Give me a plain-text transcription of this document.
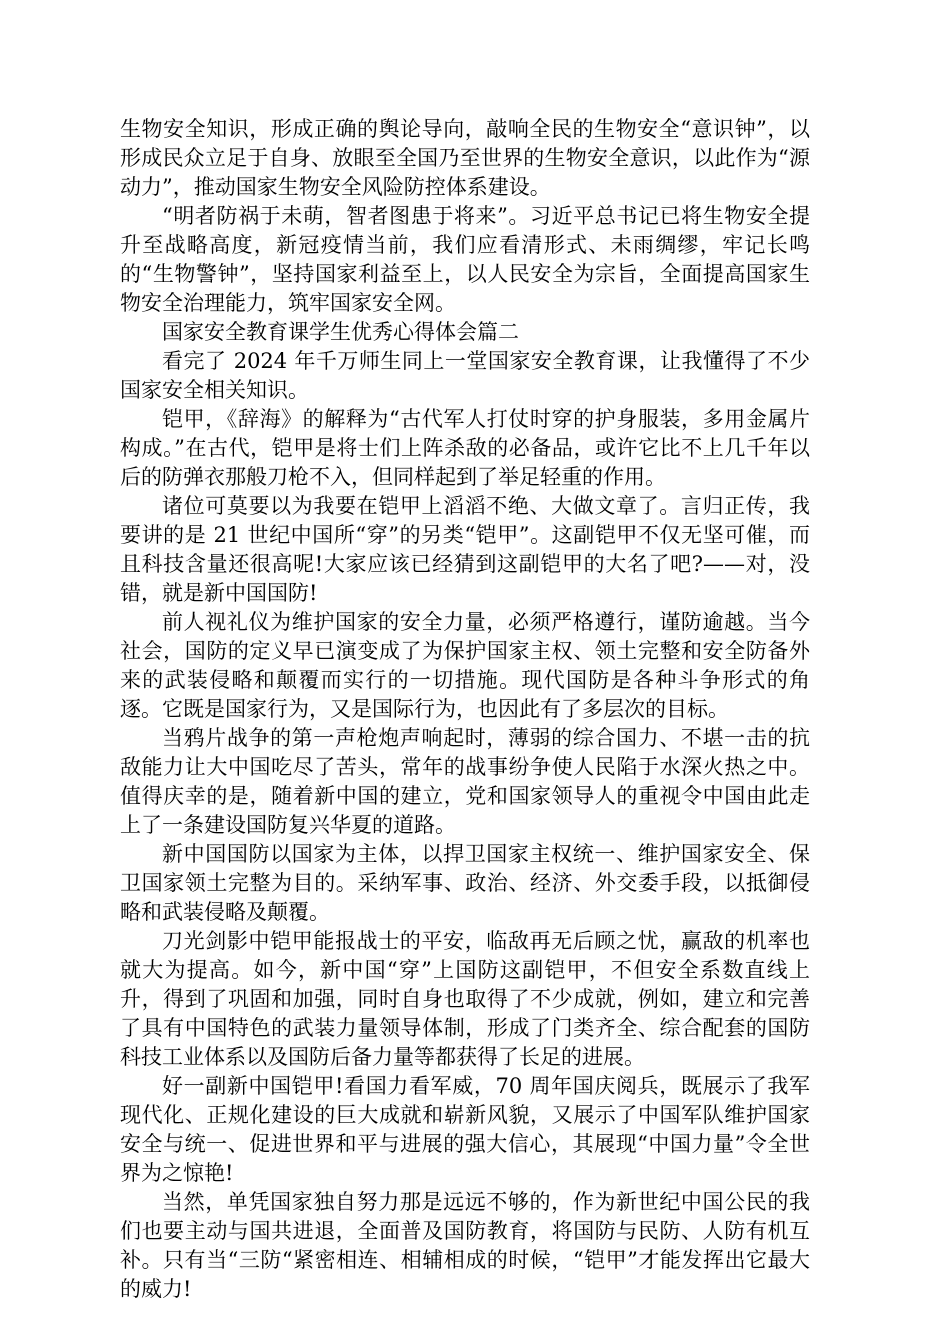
生物安全知识，形成正确的舆论导向，敲响全民的生物安全“意识钟”，以形成民众立足于自身、放眼至全国乃至世界的生物安全意识，以此作为“源动力”，推动国家生物安全风险防控体系建设。

“明者防祸于未萌，智者图患于将来”。习近平总书记已将生物安全提升至战略高度，新冠疫情当前，我们应看清形式、未雨绸缪，牢记长鸣的“生物警钟”，坚持国家利益至上，以人民安全为宗旨，全面提高国家生物安全治理能力，筑牢国家安全网。

国家安全教育课学生优秀心得体会篇二

看完了 2024 年千万师生同上一堂国家安全教育课，让我懂得了不少国家安全相关知识。

铠甲，《辞海》的解释为“古代军人打仗时穿的护身服装，多用金属片构成。”在古代，铠甲是将士们上阵杀敌的必备品，或许它比不上几千年以后的防弹衣那般刀枪不入，但同样起到了举足轻重的作用。

诸位可莫要以为我要在铠甲上滔滔不绝、大做文章了。言归正传，我要讲的是 21 世纪中国所“穿”的另类“铠甲”。这副铠甲不仅无坚可催，而且科技含量还很高呢!大家应该已经猜到这副铠甲的大名了吧?——对，没错，就是新中国国防!

前人视礼仪为维护国家的安全力量，必须严格遵行，谨防逾越。当今社会，国防的定义早已演变成了为保护国家主权、领土完整和安全防备外来的武装侵略和颠覆而实行的一切措施。现代国防是各种斗争形式的角逐。它既是国家行为，又是国际行为，也因此有了多层次的目标。

当鸦片战争的第一声枪炮声响起时，薄弱的综合国力、不堪一击的抗敌能力让大中国吃尽了苦头，常年的战事纷争使人民陷于水深火热之中。值得庆幸的是，随着新中国的建立，党和国家领导人的重视令中国由此走上了一条建设国防复兴华夏的道路。

新中国国防以国家为主体，以捍卫国家主权统一、维护国家安全、保卫国家领土完整为目的。采纳军事、政治、经济、外交委手段，以抵御侵略和武装侵略及颠覆。

刀光剑影中铠甲能报战士的平安，临敌再无后顾之忧，赢敌的机率也就大为提高。如今，新中国“穿”上国防这副铠甲，不但安全系数直线上升，得到了巩固和加强，同时自身也取得了不少成就，例如，建立和完善了具有中国特色的武装力量领导体制，形成了门类齐全、综合配套的国防科技工业体系以及国防后备力量等都获得了长足的进展。

好一副新中国铠甲!看国力看军威，70 周年国庆阅兵，既展示了我军现代化、正规化建设的巨大成就和崭新风貌，又展示了中国军队维护国家安全与统一、促进世界和平与进展的强大信心，其展现“中国力量”令全世界为之惊艳!

当然，单凭国家独自努力那是远远不够的，作为新世纪中国公民的我们也要主动与国共进退，全面普及国防教育，将国防与民防、人防有机互补。只有当“三防“紧密相连、相辅相成的时候，“铠甲”才能发挥出它最大的威力!
